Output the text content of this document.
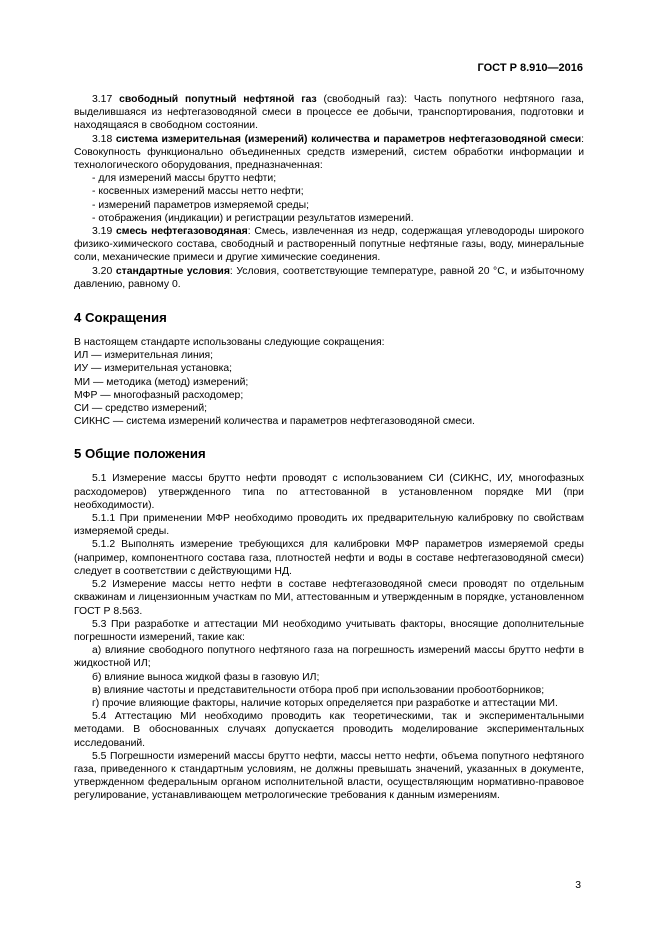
ГОСТ Р 8.910—2016

3.17 свободный попутный нефтяной газ (свободный газ): Часть попутного нефтяного газа, выделившаяся из нефтегазоводяной смеси в процессе ее добычи, транспортирования, подготовки и находящаяся в свободном состоянии.

3.18 система измерительная (измерений) количества и параметров нефтегазоводяной смеси: Совокупность функционально объединенных средств измерений, систем обработки информации и технологического оборудования, предназначенная:

- для измерений массы брутто нефти;

- косвенных измерений массы нетто нефти;

- измерений параметров измеряемой среды;

- отображения (индикации) и регистрации результатов измерений.

3.19 смесь нефтегазоводяная: Смесь, извлеченная из недр, содержащая углеводороды широкого физико-химического состава, свободный и растворенный попутные нефтяные газы, воду, минеральные соли, механические примеси и другие химические соединения.

3.20 стандартные условия: Условия, соответствующие температуре, равной 20 °С, и избыточному давлению, равному 0.

4 Сокращения

В настоящем стандарте использованы следующие сокращения:

ИЛ — измерительная линия;

ИУ — измерительная установка;

МИ — методика (метод) измерений;

МФР — многофазный расходомер;

СИ — средство измерений;

СИКНС — система измерений количества и параметров нефтегазоводяной смеси.

5 Общие положения

5.1 Измерение массы брутто нефти проводят с использованием СИ (СИКНС, ИУ, многофазных расходомеров) утвержденного типа по аттестованной в установленном порядке МИ (при необходимости).

5.1.1 При применении МФР необходимо проводить их предварительную калибровку по свойствам измеряемой среды.

5.1.2 Выполнять измерение требующихся для калибровки МФР параметров измеряемой среды (например, компонентного состава газа, плотностей нефти и воды в составе нефтегазоводяной смеси) следует в соответствии с действующими НД.

5.2 Измерение массы нетто нефти в составе нефтегазоводяной смеси проводят по отдельным скважинам и лицензионным участкам по МИ, аттестованным и утвержденным в порядке, установленном ГОСТ Р 8.563.

5.3 При разработке и аттестации МИ необходимо учитывать факторы, вносящие дополнительные погрешности измерений, такие как:

а) влияние свободного попутного нефтяного газа на погрешность измерений массы брутто нефти в жидкостной ИЛ;

б) влияние выноса жидкой фазы в газовую ИЛ;

в) влияние частоты и представительности отбора проб при использовании пробоотборников;

г) прочие влияющие факторы, наличие которых определяется при разработке и аттестации МИ.

5.4 Аттестацию МИ необходимо проводить как теоретическими, так и экспериментальными методами. В обоснованных случаях допускается проводить моделирование экспериментальных исследований.

5.5 Погрешности измерений массы брутто нефти, массы нетто нефти, объема попутного нефтяного газа, приведенного к стандартным условиям, не должны превышать значений, указанных в документе, утвержденном федеральным органом исполнительной власти, осуществляющим нормативно-правовое регулирование, устанавливающем метрологические требования к данным измерениям.

3
